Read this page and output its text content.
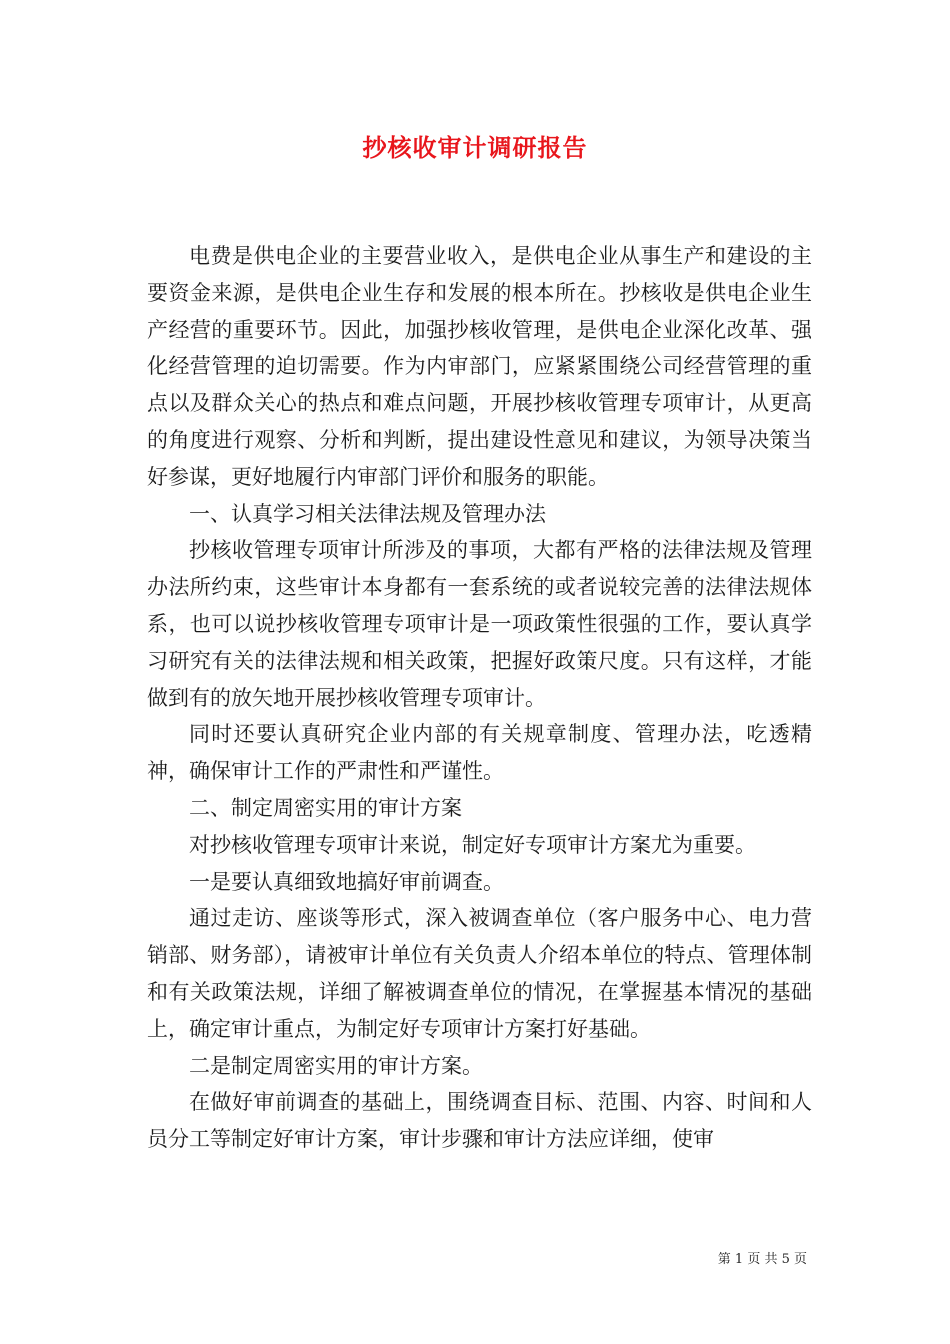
抄核收审计调研报告

电费是供电企业的主要营业收入，是供电企业从事生产和建设的主要资金来源，是供电企业生存和发展的根本所在。抄核收是供电企业生产经营的重要环节。因此，加强抄核收管理，是供电企业深化改革、强化经营管理的迫切需要。作为内审部门，应紧紧围绕公司经营管理的重点以及群众关心的热点和难点问题，开展抄核收管理专项审计，从更高的角度进行观察、分析和判断，提出建设性意见和建议，为领导决策当好参谋，更好地履行内审部门评价和服务的职能。

一、认真学习相关法律法规及管理办法

抄核收管理专项审计所涉及的事项，大都有严格的法律法规及管理办法所约束，这些审计本身都有一套系统的或者说较完善的法律法规体系，也可以说抄核收管理专项审计是一项政策性很强的工作，要认真学习研究有关的法律法规和相关政策，把握好政策尺度。只有这样，才能做到有的放矢地开展抄核收管理专项审计。

同时还要认真研究企业内部的有关规章制度、管理办法，吃透精神，确保审计工作的严肃性和严谨性。

二、制定周密实用的审计方案

对抄核收管理专项审计来说，制定好专项审计方案尤为重要。

一是要认真细致地搞好审前调查。

通过走访、座谈等形式，深入被调查单位（客户服务中心、电力营销部、财务部），请被审计单位有关负责人介绍本单位的特点、管理体制和有关政策法规，详细了解被调查单位的情况，在掌握基本情况的基础上，确定审计重点，为制定好专项审计方案打好基础。

二是制定周密实用的审计方案。

在做好审前调查的基础上，围绕调查目标、范围、内容、时间和人员分工等制定好审计方案，审计步骤和审计方法应详细，使审

第 1 页 共 5 页
